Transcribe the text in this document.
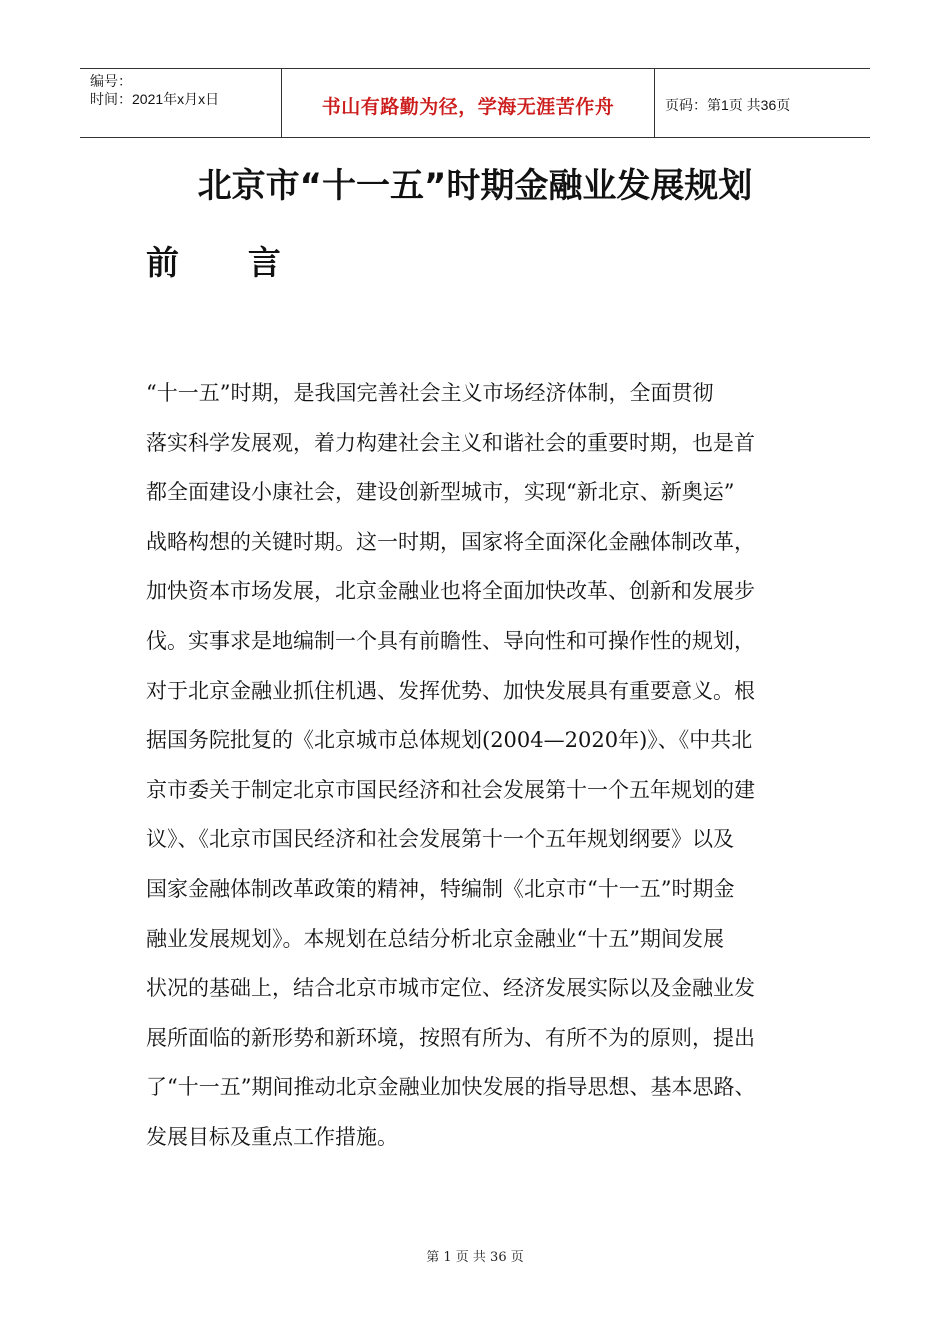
编号：
时间：2021年x月x日	书山有路勤为径，学海无涯苦作舟	页码：第1页 共36页
北京市“十一五”时期金融业发展规划
前      言
“十一五”时期，是我国完善社会主义市场经济体制，全面贯彻
落实科学发展观，着力构建社会主义和谐社会的重要时期，也是首
都全面建设小康社会，建设创新型城市，实现“新北京、新奥运”
战略构想的关键时期。这一时期，国家将全面深化金融体制改革，
加快资本市场发展，北京金融业也将全面加快改革、创新和发展步
伐。实事求是地编制一个具有前瞻性、导向性和可操作性的规划，
对于北京金融业抓住机遇、发挥优势、加快发展具有重要意义。根
据国务院批复的《北京城市总体规划(2004—2020年)》、《中共北
京市委关于制定北京市国民经济和社会发展第十一个五年规划的建
议》、《北京市国民经济和社会发展第十一个五年规划纲要》以及
国家金融体制改革政策的精神，特编制《北京市“十一五”时期金
融业发展规划》。本规划在总结分析北京金融业“十五”期间发展
状况的基础上，结合北京市城市定位、经济发展实际以及金融业发
展所面临的新形势和新环境，按照有所为、有所不为的原则，提出
了“十一五”期间推动北京金融业加快发展的指导思想、基本思路、
发展目标及重点工作措施。
第 1 页 共 36 页
